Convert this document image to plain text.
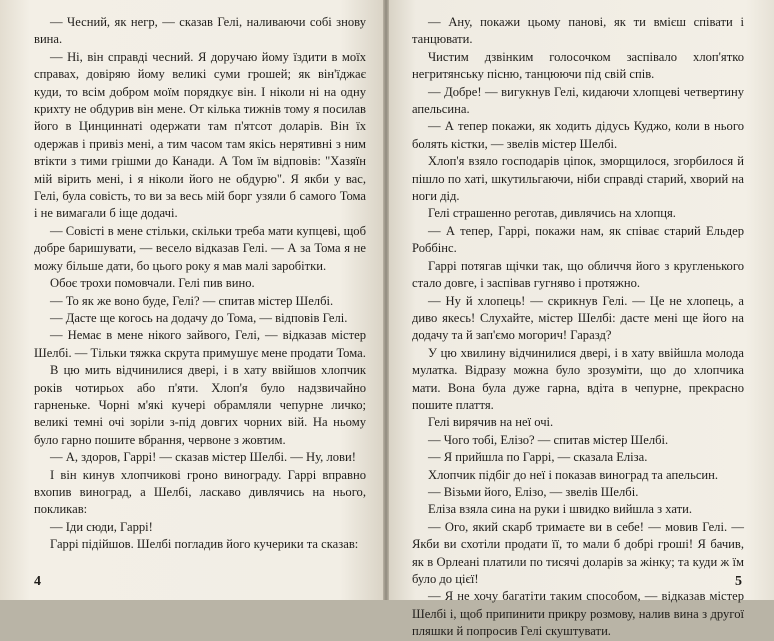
— Чесний, як негр, — сказав Гелі, наливаючи собі знову вина.

— Ні, він справді чесний. Я доручаю йому їздити в моїх справах, довіряю йому великі суми грошей; як він'їджає куди, то всім добром моїм порядкує він. І ніколи ні на одну крихту не обдурив він мене. От кілька тижнів тому я посилав його в Цинциннаті одержати там п'ятсот доларів. Він їх одержав і привіз мені, а тим часом там якісь нерятивні з ним втікти з тими грішми до Канади. А Том їм відповів: "Хазяїн мій вірить мені, і я ніколи його не обдурю". Я якби у вас, Гелі, була совість, то ви за весь мій борг узяли б самого Тома і не вимагали б іще додачі.

— Совісті в мене стільки, скільки треба мати купцеві, щоб добре баришувати, — весело відказав Гелі. — А за Тома я не можу більше дати, бо цього року я мав малі заробітки.

Обоє трохи помовчали. Гелі пив вино.

— То як же воно буде, Гелі? — спитав містер Шелбі.

— Дасте ще когось на додачу до Тома, — відповів Гелі.

— Немає в мене нікого зайвого, Гелі, — відказав містер Шелбі. — Тільки тяжка скрута примушує мене продати Тома.

В цю мить відчинилися двері, і в хату ввійшов хлопчик років чотирьох або п'яти. Хлоп'я було надзвичайно гарненьке. Чорні м'які кучері обрамляли чепурне личко; великі темні очі зоріли з-під довгих чорних вій. На ньому було гарно пошите вбрання, червоне з жовтим.

— А, здоров, Гаррі! — сказав містер Шелбі. — Ну, лови!

І він кинув хлопчикові гроно винограду. Гаррі вправно вхопив виноград, а Шелбі, ласкаво дивлячись на нього, покликав:

— Іди сюди, Гаррі!

Гаррі підійшов. Шелбі погладив його кучерики та сказав:

4

— Ану, покажи цьому панові, як ти вмієш співати і танцювати.

Чистим дзвінким голосочком заспівало хлоп'ятко негритянську пісню, танцюючи під свій спів.

— Добре! — вигукнув Гелі, кидаючи хлопцеві четвертину апельсина.

— А тепер покажи, як ходить дідусь Куджо, коли в нього болять кістки, — звелів містер Шелбі.

Хлоп'я взяло господарів ціпок, зморщилося, згорбилося й пішло по хаті, шкутильгаючи, ніби справді старий, хворий на ноги дід.

Гелі страшенно реготав, дивлячись на хлопця.

— А тепер, Гаррі, покажи нам, як співає старий Ельдер Роббінс.

Гаррі потягав щічки так, що обличчя його з кругленького стало довге, і заспівав гугняво і протяжно.

— Ну й хлопець! — скрикнув Гелі. — Це не хлопець, а диво якесь! Слухайте, містер Шелбі: дасте мені ще його на додачу та й зап'ємо могорич! Гаразд?

У цю хвилину відчинилися двері, і в хату ввійшла молода мулатка. Відразу можна було зрозуміти, що до хлопчика мати. Вона була дуже гарна, вдіта в чепурне, прекрасно пошите плаття.

Гелі вирячив на неї очі.

— Чого тобі, Елізо? — спитав містер Шелбі.

— Я прийшла по Гаррі, — сказала Еліза.

Хлопчик підбіг до неї і показав виноград та апельсин.

— Візьми його, Елізо, — звелів Шелбі.

Еліза взяла сина на руки і швидко вийшла з хати.

— Ого, який скарб тримаєте ви в себе! — мовив Гелі. — Якби ви схотіли продати її, то мали б добрі гроші! Я бачив, як в Орлеані платили по тисячі доларів за жінку; та куди ж їм було до цієї!

— Я не хочу багатіти таким способом, — відказав містер Шелбі і, щоб припинити прикру розмову, налив вина з другої пляшки й попросив Гелі скуштувати.

5
